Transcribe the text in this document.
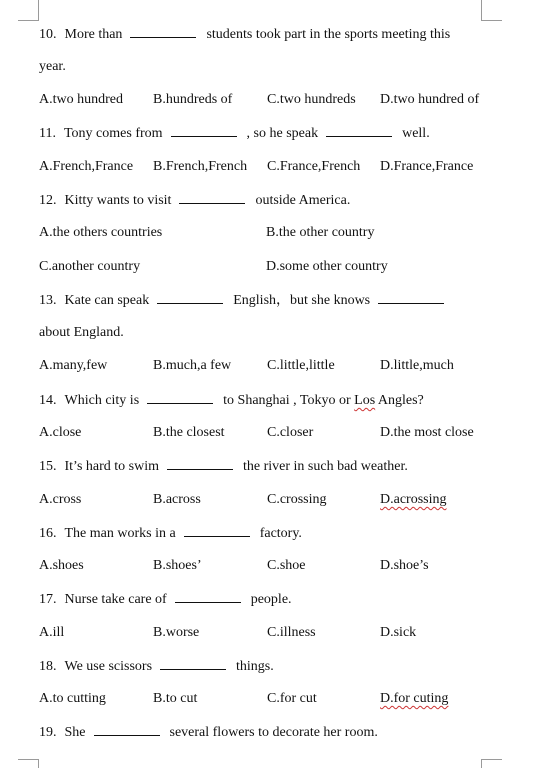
10. More than	students took part in the sports meeting this
year.
A.two hundred	B.hundreds of	C.two hundreds	D.two hundred of
11. Tony comes from	, so he speak	well.
A.French,France	B.French,French	C.France,French	D.France,France
12. Kitty wants to visit	outside America.
A.the others countries	B.the other country
C.another country	D.some other country
13. Kate can speak	English，but she knows
about England.
A.many,few	B.much,a few	C.little,little	D.little,much
14. Which city is	to Shanghai , Tokyo or Los Angles?
A.close	B.the closest	C.closer	D.the most close
15. It’s hard to swim	the river in such bad weather.
A.cross	B.across	C.crossing	D.acrossing
16. The man works in a	factory.
A.shoes	B.shoes’	C.shoe	D.shoe’s
17. Nurse take care of	people.
A.ill	B.worse	C.illness	D.sick
18. We use scissors	things.
A.to cutting	B.to cut	C.for cut	D.for cuting
19. She	several flowers to decorate her room.
